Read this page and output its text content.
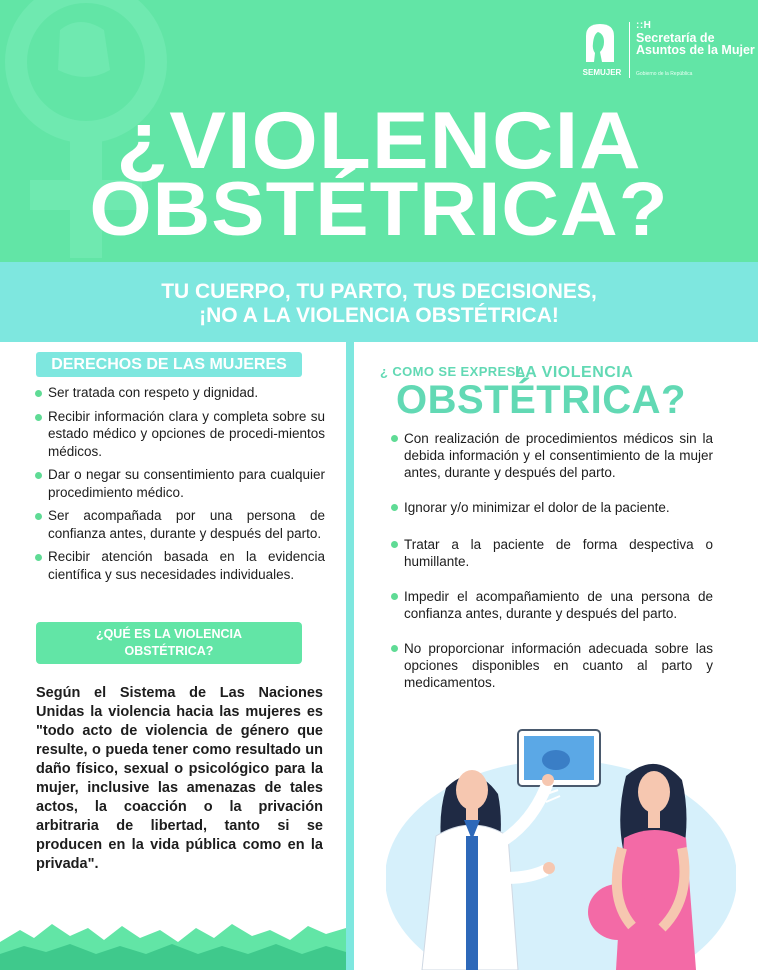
SEMUJER
::H
Secretaría de Asuntos de la Mujer
Gobierno de la República
¿VIOLENCIA
OBSTÉTRICA?
TU CUERPO, TU PARTO, TUS DECISIONES,
¡NO A LA VIOLENCIA OBSTÉTRICA!
DERECHOS DE LAS MUJERES
Ser tratada con respeto y dignidad.
Recibir información clara y completa sobre su estado médico y opciones de procedi-mientos médicos.
Dar o negar su consentimiento para cualquier procedimiento médico.
Ser acompañada por una persona de confianza antes, durante y después del parto.
Recibir atención basada en la evidencia científica y sus necesidades individuales.
¿QUÉ ES LA VIOLENCIA
OBSTÉTRICA?

Según el Sistema de Las Naciones Unidas la violencia hacia las mujeres es "todo acto de violencia de género que resulte, o pueda tener como resultado un daño físico, sexual o psicológico para la mujer, inclusive las amenazas de tales actos, la coacción o la privación arbitraria de libertad, tanto si se producen en la vida pública como en la privada".

¿ COMO SE EXPRESA
LA VIOLENCIA
OBSTÉTRICA?
Con realización de procedimientos médicos sin la debida información y el consentimiento de la mujer antes, durante y después del parto.
Ignorar y/o minimizar el dolor de la paciente.
Tratar a la paciente de forma despectiva o humillante.
Impedir el acompañamiento de una persona de confianza antes, durante y después del parto.
No proporcionar información adecuada sobre las opciones disponibles en cuanto al parto y medicamentos.
